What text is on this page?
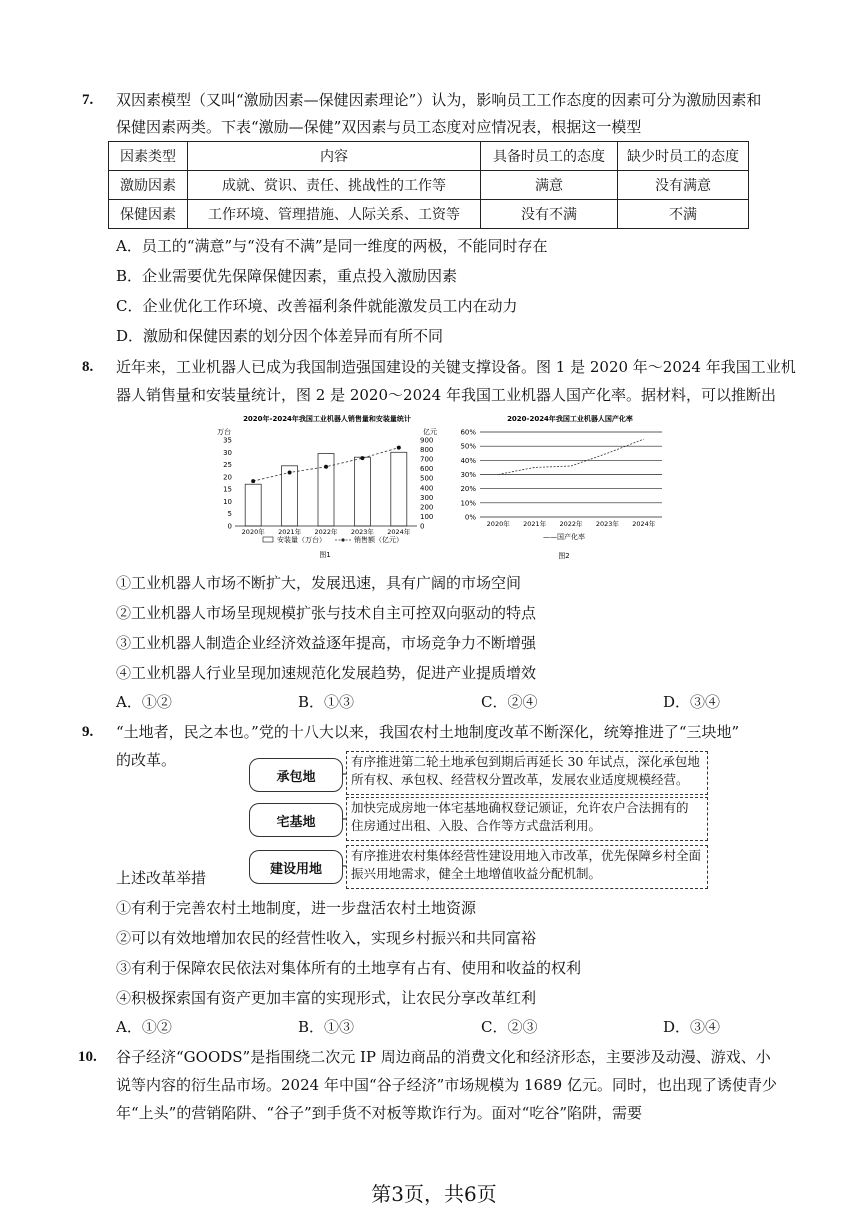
7. 双因素模型（又叫“激励因素—保健因素理论”）认为，影响员工工作态度的因素可分为激励因素和
保健因素两类。下表“激励—保健”双因素与员工态度对应情况表，根据这一模型
因素类型	内容	具备时员工的态度	缺少时员工的态度
激励因素	成就、赏识、责任、挑战性的工作等	满意	没有满意
保健因素	工作环境、管理措施、人际关系、工资等	没有不满	不满
A．员工的“满意”与“没有不满”是同一维度的两极，不能同时存在
B．企业需要优先保障保健因素，重点投入激励因素
C．企业优化工作环境、改善福利条件就能激发员工内在动力
D．激励和保健因素的划分因个体差异而有所不同
8. 近年来，工业机器人已成为我国制造强国建设的关键支撑设备。图 1 是 2020 年～2024 年我国工业机
器人销售量和安装量统计，图 2 是 2020～2024 年我国工业机器人国产化率。据材料，可以推断出
2020年-2024年我国工业机器人销售量和安装量统计
万台	亿元
0
5
10
15
20
25
30
35
0
100
200
300
400
500
600
700
800
900
2020年 2021年 2022年 2023年 2024年
安装量（万台）	销售额（亿元）
图1
2020-2024年我国工业机器人国产化率
0%
10%
20%
30%
40%
50%
60%
2020年 2021年 2022年 2023年 2024年
——国产化率
图2
①工业机器人市场不断扩大，发展迅速，具有广阔的市场空间
②工业机器人市场呈现规模扩张与技术自主可控双向驱动的特点
③工业机器人制造企业经济效益逐年提高，市场竞争力不断增强
④工业机器人行业呈现加速规范化发展趋势，促进产业提质增效
A．①②	B．①③	C．②④	D．③④
9. “土地者，民之本也。”党的十八大以来，我国农村土地制度改革不断深化，统筹推进了“三块地”
的改革。
承包地
有序推进第二轮土地承包到期后再延长 30 年试点，深化承包地
所有权、承包权、经营权分置改革，发展农业适度规模经营。
宅基地
加快完成房地一体宅基地确权登记颁证，允许农户合法拥有的
住房通过出租、入股、合作等方式盘活利用。
建设用地
有序推进农村集体经营性建设用地入市改革，优先保障乡村全面
振兴用地需求，健全土地增值收益分配机制。
上述改革举措
①有利于完善农村土地制度，进一步盘活农村土地资源
②可以有效地增加农民的经营性收入，实现乡村振兴和共同富裕
③有利于保障农民依法对集体所有的土地享有占有、使用和收益的权利
④积极探索国有资产更加丰富的实现形式，让农民分享改革红利
A．①②	B．①③	C．②③	D．③④
10. 谷子经济“GOODS”是指围绕二次元 IP 周边商品的消费文化和经济形态，主要涉及动漫、游戏、小
说等内容的衍生品市场。2024 年中国“谷子经济”市场规模为 1689 亿元。同时，也出现了诱使青少
年“上头”的营销陷阱、“谷子”到手货不对板等欺诈行为。面对“吃谷”陷阱，需要
第3页，共6页
